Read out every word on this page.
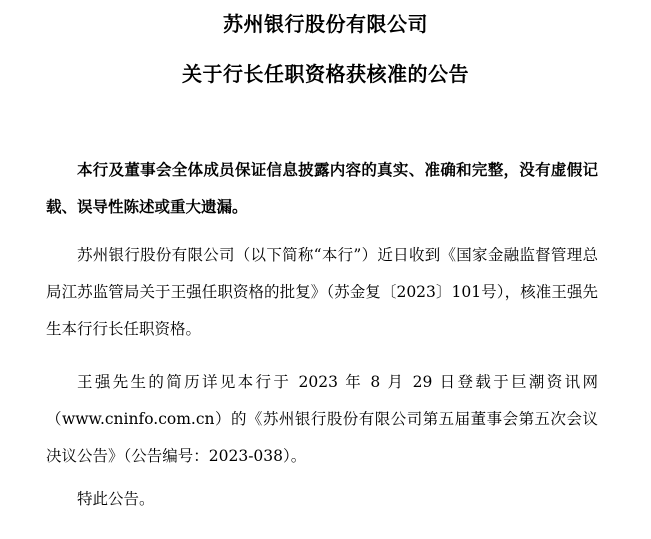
苏州银行股份有限公司
关于行长任职资格获核准的公告

本行及董事会全体成员保证信息披露内容的真实、准确和完整，没有虚假记载、误导性陈述或重大遗漏。

苏州银行股份有限公司（以下简称“本行”）近日收到《国家金融监督管理总局江苏监管局关于王强任职资格的批复》（苏金复〔2023〕101号），核准王强先生本行行长任职资格。

王强先生的简历详见本行于 2023 年 8 月 29 日登载于巨潮资讯网（www.cninfo.com.cn）的《苏州银行股份有限公司第五届董事会第五次会议决议公告》（公告编号：2023-038）。

特此公告。
